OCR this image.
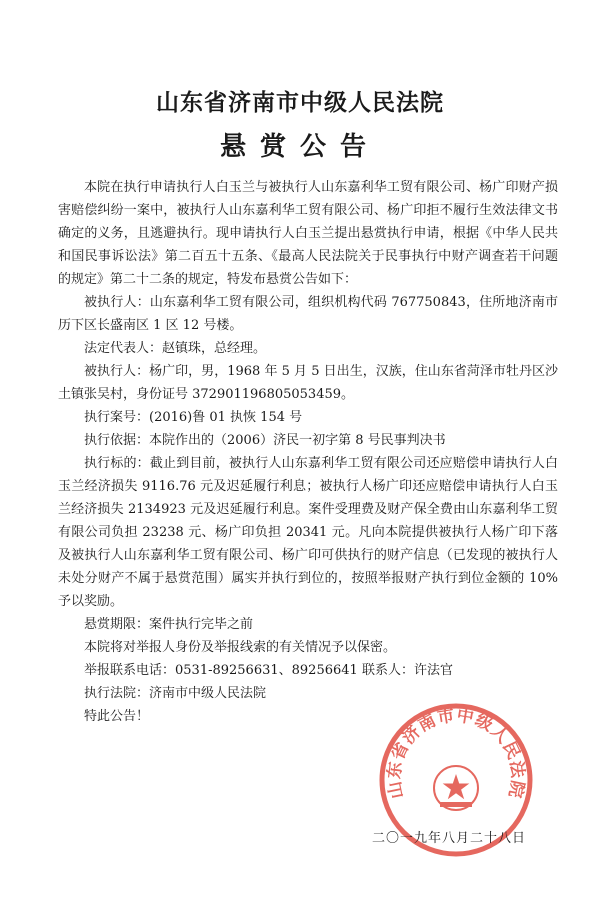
山东省济南市中级人民法院
悬赏公告

本院在执行申请执行人白玉兰与被执行人山东嘉利华工贸有限公司、杨广印财产损害赔偿纠纷一案中，被执行人山东嘉利华工贸有限公司、杨广印拒不履行生效法律文书确定的义务，且逃避执行。现申请执行人白玉兰提出悬赏执行申请，根据《中华人民共和国民事诉讼法》第二百五十五条、《最高人民法院关于民事执行中财产调查若干问题的规定》第二十二条的规定，特发布悬赏公告如下：

被执行人：山东嘉利华工贸有限公司，组织机构代码 767750843，住所地济南市历下区长盛南区 1 区 12 号楼。

法定代表人：赵镇珠，总经理。

被执行人：杨广印，男，1968 年 5 月 5 日出生，汉族，住山东省菏泽市牡丹区沙土镇张吴村，身份证号 372901196805053459。

执行案号：(2016)鲁 01 执恢 154 号

执行依据：本院作出的（2006）济民一初字第 8 号民事判决书

执行标的：截止到目前，被执行人山东嘉利华工贸有限公司还应赔偿申请执行人白玉兰经济损失 9116.76 元及迟延履行利息；被执行人杨广印还应赔偿申请执行人白玉兰经济损失 2134923 元及迟延履行利息。案件受理费及财产保全费由山东嘉利华工贸有限公司负担 23238 元、杨广印负担 20341 元。凡向本院提供被执行人杨广印下落及被执行人山东嘉利华工贸有限公司、杨广印可供执行的财产信息（已发现的被执行人未处分财产不属于悬赏范围）属实并执行到位的，按照举报财产执行到位金额的 10%予以奖励。

悬赏期限：案件执行完毕之前

本院将对举报人身份及举报线索的有关情况予以保密。

举报联系电话：0531-89256631、89256641 联系人：许法官

执行法院：济南市中级人民法院

特此公告！

山东省济南市中级人民法院
二〇一九年八月二十八日
